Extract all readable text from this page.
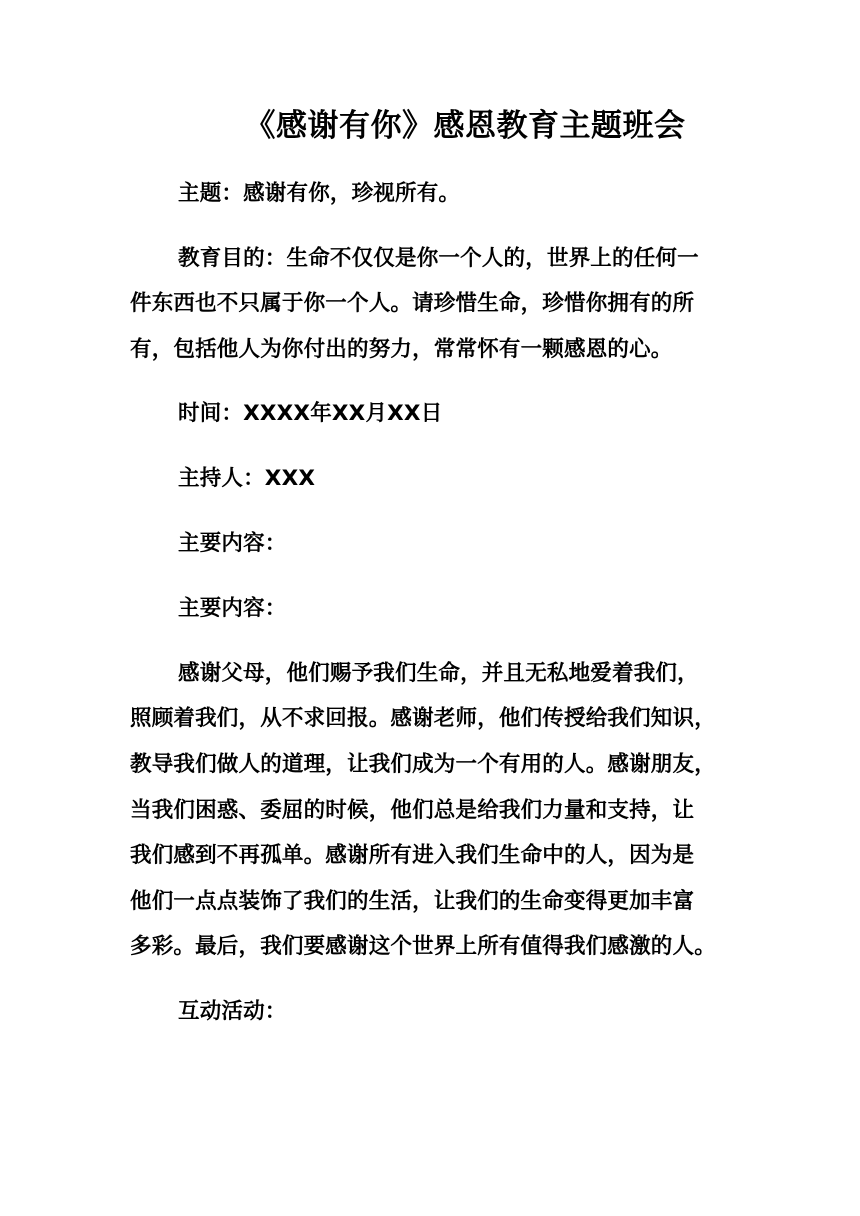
《感谢有你》感恩教育主题班会
主题：感谢有你，珍视所有。
教育目的：生命不仅仅是你一个人的，世界上的任何一
件东西也不只属于你一个人。请珍惜生命，珍惜你拥有的所
有，包括他人为你付出的努力，常常怀有一颗感恩的心。
时间：XXXX年XX月XX日
主持人：XXX
主要内容：
主要内容：
感谢父母，他们赐予我们生命，并且无私地爱着我们，
照顾着我们，从不求回报。感谢老师，他们传授给我们知识，
教导我们做人的道理，让我们成为一个有用的人。感谢朋友，
当我们困惑、委屈的时候，他们总是给我们力量和支持，让
我们感到不再孤单。感谢所有进入我们生命中的人，因为是
他们一点点装饰了我们的生活，让我们的生命变得更加丰富
多彩。最后，我们要感谢这个世界上所有值得我们感激的人。
互动活动：
